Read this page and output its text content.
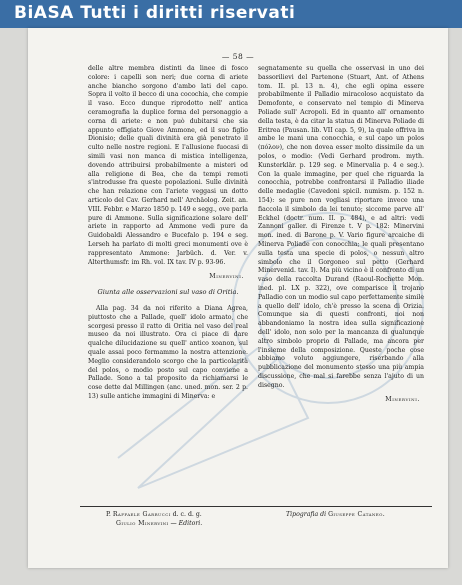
BiASA Tutti i diritti riservati
— 58 —

delle altre membra distinti da linee di fosco colore: i capelli son neri; due corna di ariete anche biancho sorgono d'ambo lati del capo. Sopra il volto il becco di una cocochia, che compie il vaso. Ecco dunque riprodotto nell' antica ceramografia la duplice forma del personaggio a corna di ariete: e non può dubitarsi che sia appunto effigiato Giove Ammone, ed il suo figlio Dionisio; delle quali divinità era già penetrato il culto nelle nostre regioni. E l'allusione fuocasi di simili vasi non manca di mistica intelligenza, dovendo attribuirsi probabilmente a misteri od alla religione di Bea, che da tempi remoti s'introdusse fra queste popolazioni. Sulle divinità che han relazione con l'ariete veggasi un dotto articolo del Cav. Gerhard nell' Archäolog. Zeit. an. VIII. Febbr. e Marzo 1850 p. 149 e segg., ove parla pure di Ammone. Sulla significazione solare dell' ariete in rapporto ad Ammone vedi pure da Guidobaldi Alessandro e Bucefalo p. 194 e seg. Lerseh ha parlato di molti greci monumenti ove è rappresentato Ammone: Jarbüch. d. Ver. v. Alterthumsfr. im Rh. vol. IX tav. IV p. 93-96.

Minervini.

Giunta alle osservazioni sul vaso di Oritia.

Alla pag. 34 da noi riferito a Diana Agrea, piuttosto che a Pallade, quell' idolo armato, che scorgesi presso il ratto di Oritia nel vaso del real museo da noi illustrato. Ora ci piace di dare qualche dilucidazione su quell' antico xoanon, sul quale assai poco fermammo la nostra attenzione. Meglio considerandolo scorgo che la particolarità del polos, o modio posto sul capo conviene a Pallade. Sono a tal proposito da richiamarsi le cose dette dal Millingen (anc. uned. mon. ser. 2 p. 13) sulle antiche immagini di Minerva: e

segnatamente su quella che osservasi in uno dei bassorilievi del Partenone (Stuart, Ant. of Athens tom. II. pl. 13 n. 4), che egli opina essere probabilmente il Palladio miracoloso acquistato da Demofonte, e conservato nel tempio di Minerva Poliade sull' Acropoli. Ed in quanto all' ornamento della testa, è da citar la statua di Minerva Poliade di Eritrea (Pausan. lib. VII cap. 5, 9), la quale offriva in ambe le mani una conocchia, e sul capo un polos (πόλον), che non dovea esser molto dissimile da un polos, o modio: (Vedi Gerhard prodrom. myth. Kunsterklär. p. 129 seg. e Minervalia p. 4 e seg.). Con la quale immagine, per quel che riguarda la conocchia, potrebbe confrontarsi il Palladio iliade delle medaglie (Cavedoni spicil. numism. p. 152 n. 154): se pure non vogliasi riportare invece una fiaccola il simbolo da lei tenuto; siccome parve all' Eckhel (doctr. num. II. p. 484), e ad altri: vedi Zannoni galler. di Firenze t. V p. 182: Minervini mon. ined. di Barone p. V. Vario figure arcaiche di Minerva Poliade con conocchia; le quali presentano sulla testa una specie di polos, o nessun altro simbolo che il Gorgoneo sul petto (Gerhard Minervenid. tav. I). Ma più vicino è il confronto di un vaso della raccolta Durand (Raoul-Rochette Mon. ined. pl. LX p. 322), ove comparisce il trojano Palladio con un modio sul capo perfettamente simile a quello dell' idolo, ch'è presso la scena di Orizia. Comunque sia di questi confronti, noi non abbandoniamo la nostra idea sulla significazione dell' idolo, non solo per la mancanza di qualunque altro simbolo proprio di Pallade, ma ancora per l'insieme della composizione. Queste poche cose abbiamo voluto aggiungere, riserbando alla pubblicazione del monumento stesso una più ampia discussione, che mal si farebbe senza l'ajuto di un disegno.

Minervini.

P. Raffaele Garrucci d. c. d. g.
Giulio Minervini — Editori.
Tipografia di Giuseppe Cataneo.
